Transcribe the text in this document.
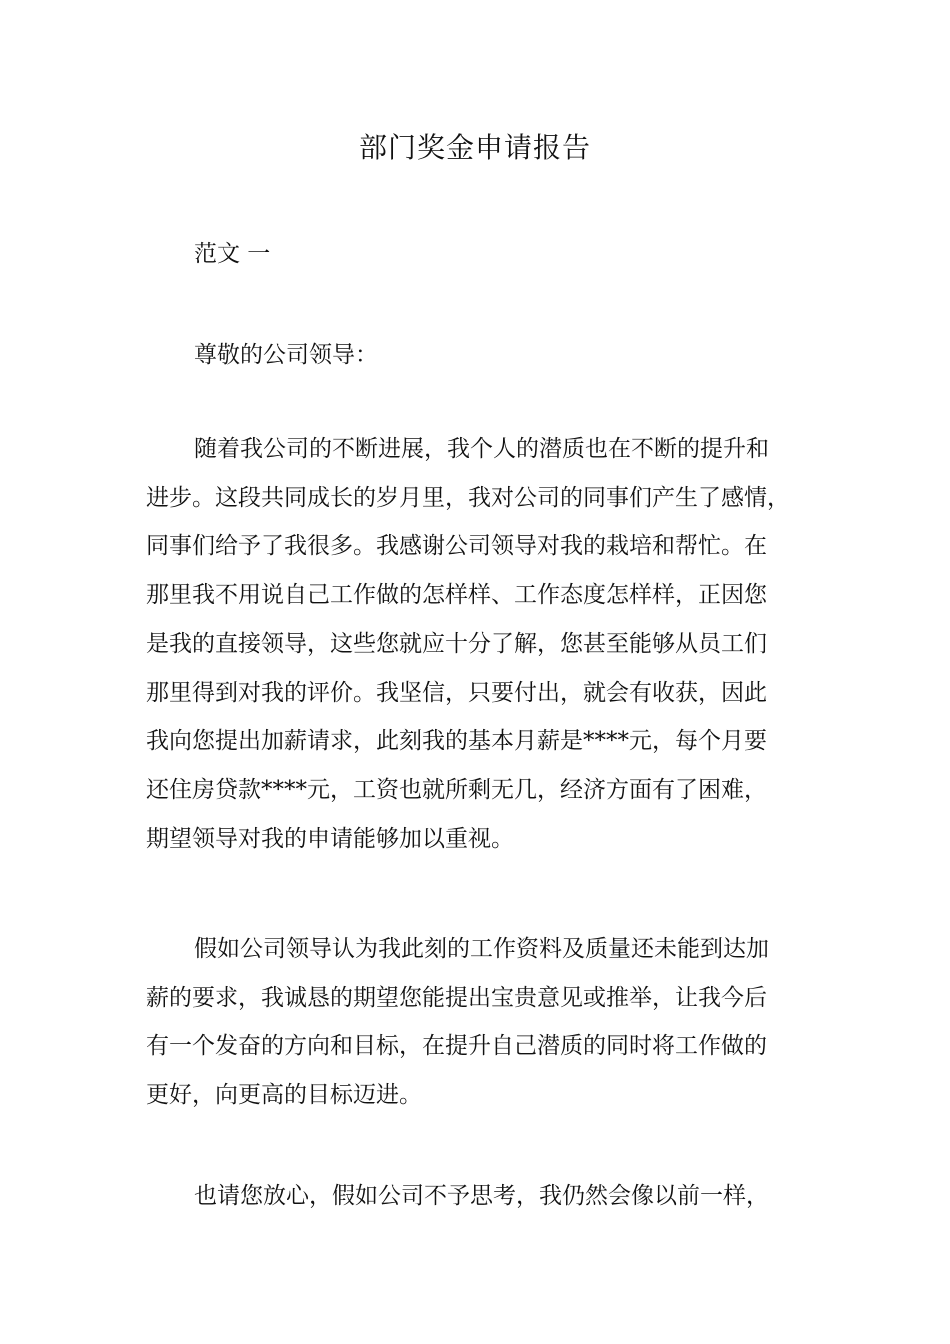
部门奖金申请报告

范文 一

尊敬的公司领导：

随着我公司的不断进展，我个人的潜质也在不断的提升和
进步。这段共同成长的岁月里，我对公司的同事们产生了感情，
同事们给予了我很多。我感谢公司领导对我的栽培和帮忙。在
那里我不用说自己工作做的怎样样、工作态度怎样样，正因您
是我的直接领导，这些您就应十分了解，您甚至能够从员工们
那里得到对我的评价。我坚信，只要付出，就会有收获，因此
我向您提出加薪请求，此刻我的基本月薪是****元，每个月要
还住房贷款****元，工资也就所剩无几，经济方面有了困难，
期望领导对我的申请能够加以重视。

假如公司领导认为我此刻的工作资料及质量还未能到达加
薪的要求，我诚恳的期望您能提出宝贵意见或推举，让我今后
有一个发奋的方向和目标，在提升自己潜质的同时将工作做的
更好，向更高的目标迈进。

也请您放心，假如公司不予思考，我仍然会像以前一样，
